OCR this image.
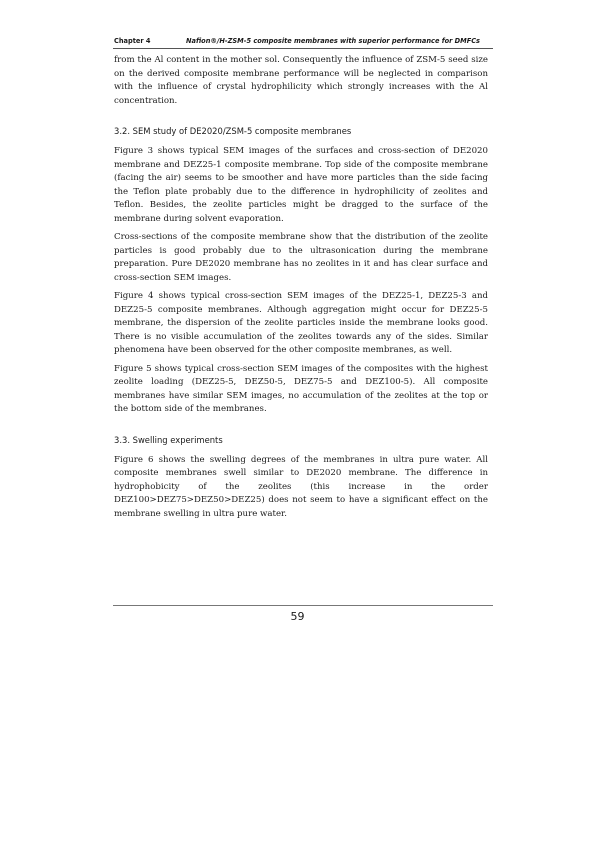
Chapter 4	Nafion®/H-ZSM-5 composite membranes with superior performance for DMFCs

from the Al content in the mother sol. Consequently the influence of ZSM-5 seed size on the derived composite membrane performance will be neglected in comparison with the influence of crystal hydrophilicity which strongly increases with the Al concentration.

3.2. SEM study of DE2020/ZSM-5 composite membranes

Figure 3 shows typical SEM images of the surfaces and cross-section of DE2020 membrane and DEZ25-1 composite membrane. Top side of the composite membrane (facing the air) seems to be smoother and have more particles than the side facing the Teflon plate probably due to the difference in hydrophilicity of zeolites and Teflon. Besides, the zeolite particles might be dragged to the surface of the membrane during solvent evaporation.

Cross-sections of the composite membrane show that the distribution of the zeolite particles is good probably due to the ultrasonication during the membrane preparation. Pure DE2020 membrane has no zeolites in it and has clear surface and cross-section SEM images.

Figure 4 shows typical cross-section SEM images of the DEZ25-1, DEZ25-3 and DEZ25-5 composite membranes. Although aggregation might occur for DEZ25-5 membrane, the dispersion of the zeolite particles inside the membrane looks good. There is no visible accumulation of the zeolites towards any of the sides. Similar phenomena have been observed for the other composite membranes, as well.

Figure 5 shows typical cross-section SEM images of the composites with the highest zeolite loading (DEZ25-5, DEZ50-5, DEZ75-5 and DEZ100-5). All composite membranes have similar SEM images, no accumulation of the zeolites at the top or the bottom side of the membranes.

3.3. Swelling experiments

Figure 6 shows the swelling degrees of the membranes in ultra pure water. All composite membranes swell similar to DE2020 membrane. The difference in hydrophobicity of the zeolites (this increase in the order DEZ100>DEZ75>DEZ50>DEZ25) does not seem to have a significant effect on the membrane swelling in ultra pure water.

59
